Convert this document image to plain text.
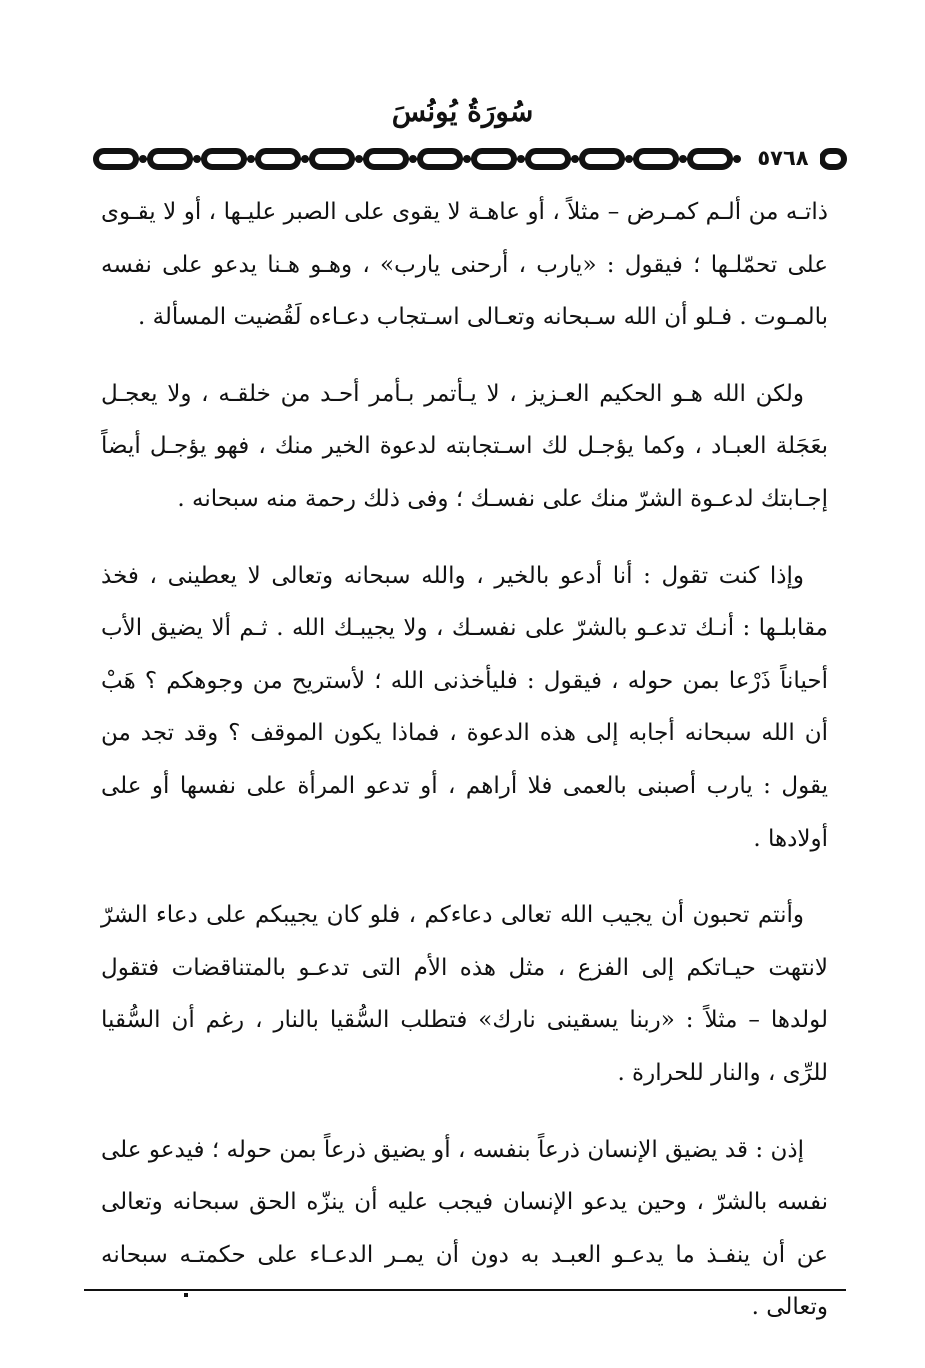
سُورَةُ يُونُسَ
٥٧٦٨

ذاتـه من ألـم كمـرض – مثلاً ، أو عاهـة لا يقوى على الصبر عليـها ، أو لا يقـوى على تحمّلـها ؛ فيقول : «يارب ، أرحنى يارب» ، وهـو هـنا يدعو على نفسه بالمـوت . فـلو أن الله سـبحانه وتعـالى اسـتجاب دعـاءه لَقُضيت المسألة .

ولكن الله هـو الحكيم العـزيز ، لا يـأتمر بـأمر أحـد من خلقـه ، ولا يعجـل بعَجَلة العبـاد ، وكما يؤجـل لك اسـتجابته لدعوة الخير منك ، فهو يؤجـل أيضاً إجـابتك لدعـوة الشرّ منك على نفسـك ؛ وفى ذلك رحمة منه سبحانه .

وإذا كنت تقول : أنا أدعو بالخير ، والله سبحانه وتعالى لا يعطينى ، فخذ مقابلـها : أنـك تدعـو بالشرّ على نفسـك ، ولا يجيبـك الله . ثـم ألا يضيق الأب أحياناً ذَرْعا بمن حوله ، فيقول : فليأخذنى الله ؛ لأستريح من وجوهكم ؟ هَبْ أن الله سبحانه أجابه إلى هذه الدعوة ، فماذا يكون الموقف ؟ وقد تجد من يقول : يارب أصبنى بالعمى فلا أراهم ، أو تدعو المرأة على نفسها أو على أولادها .

وأنتم تحبون أن يجيب الله تعالى دعاءكم ، فلو كان يجيبكم على دعاء الشرّ لانتهت حيـاتكم إلى الفزع ، مثل هذه الأم التى تدعـو بالمتناقضات فتقول لولدها – مثلاً : «ربنا يسقينى نارك» فتطلب السُّقيا بالنار ، رغم أن السُّقيا للرِّى ، والنار للحرارة .

إذن : قد يضيق الإنسان ذرعاً بنفسه ، أو يضيق ذرعاً بمن حوله ؛ فيدعو على نفسه بالشرّ ، وحين يدعو الإنسان فيجب عليه أن ينزّه الحق سبحانه وتعالى عن أن ينفـذ ما يدعـو العبـد به دون أن يمـر الدعـاء على حكمتـه سبحانه وتعالى .
